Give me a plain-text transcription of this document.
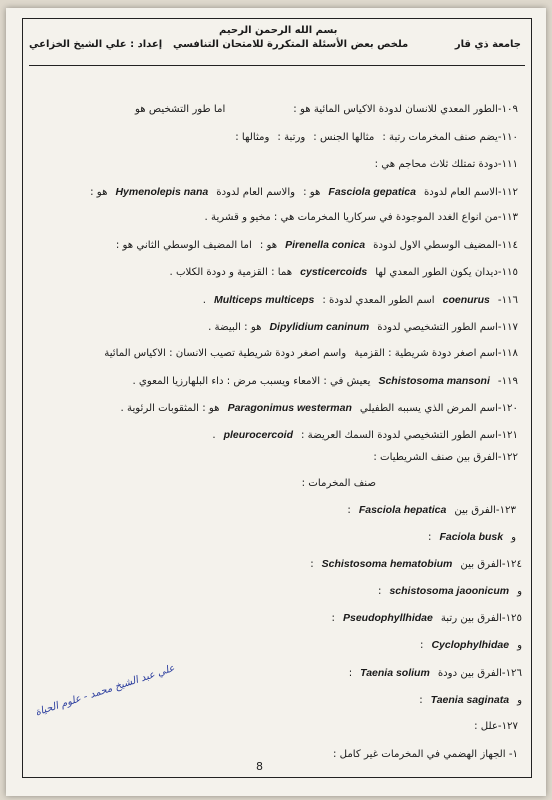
بسم الله الرحمن الرحيم
جامعة ذي قار
ملخص بعض الأسئلة المتكررة للامتحان التنافسي
إعداد : علي الشيخ الخزاعي
١٠٩-الطور المعدي للانسان لدودة الاكياس المائية هو :اما طور التشخيص هو
١١٠-يضم صنف المخرمات رتبة :مثالها الجنس :ورتبة :ومثالها :
١١١-دودة تمتلك ثلاث محاجم هي :
١١٢-الاسم العام لدودةFasciola gepaticaهو :والاسم العام لدودةHymenolepis nanaهو :
١١٣-من انواع الغدد الموجودة في سركاريا المخرمات هي : مخيو و قشرية .
١١٤-المضيف الوسطي الاول لدودةPirenella conicaهو :اما المضيف الوسطي الثاني هو :
١١٥-ديدان يكون الطور المعدي لهاcysticercoidsهما : القزمية و دودة الكلاب .
١١٦-coenurusاسم الطور المعدي لدودة :Multiceps multiceps.
١١٧-اسم الطور التشخيصي لدودةDipylidium caninumهو : البيضة .
١١٨-اسم اصغر دودة شريطية : القزميةواسم اصغر دودة شريطية تصيب الانسان : الاكياس المائية
١١٩-Schistosoma mansoniيعيش في : الامعاء ويسبب مرض : داء البلهارزيا المعوي .
١٢٠-اسم المرض الذي يسببه الطفيليParagonimus westermanهو : المثقوبات الرئوية .
١٢١-اسم الطور التشخيصي لدودة السمك العريضة :pleurocercoid.
١٢٢-الفرق بين صنف الشريطيات :
صنف المخرمات :
١٢٣-الفرق بينFasciola hepatica:
وFaciola busk:
١٢٤-الفرق بينSchistosoma hematobium:
وschistosoma jaoonicum:
١٢٥-الفرق بين رتبةPseudophyllhidae:
وCyclophylhidae:
١٢٦-الفرق بين دودةTaenia solium:
وTaenia saginata:
١٢٧-علل :
١- الجهاز الهضمي في المخرمات غير كامل :
علي عبد الشيخ محمد - علوم الحياة
8
